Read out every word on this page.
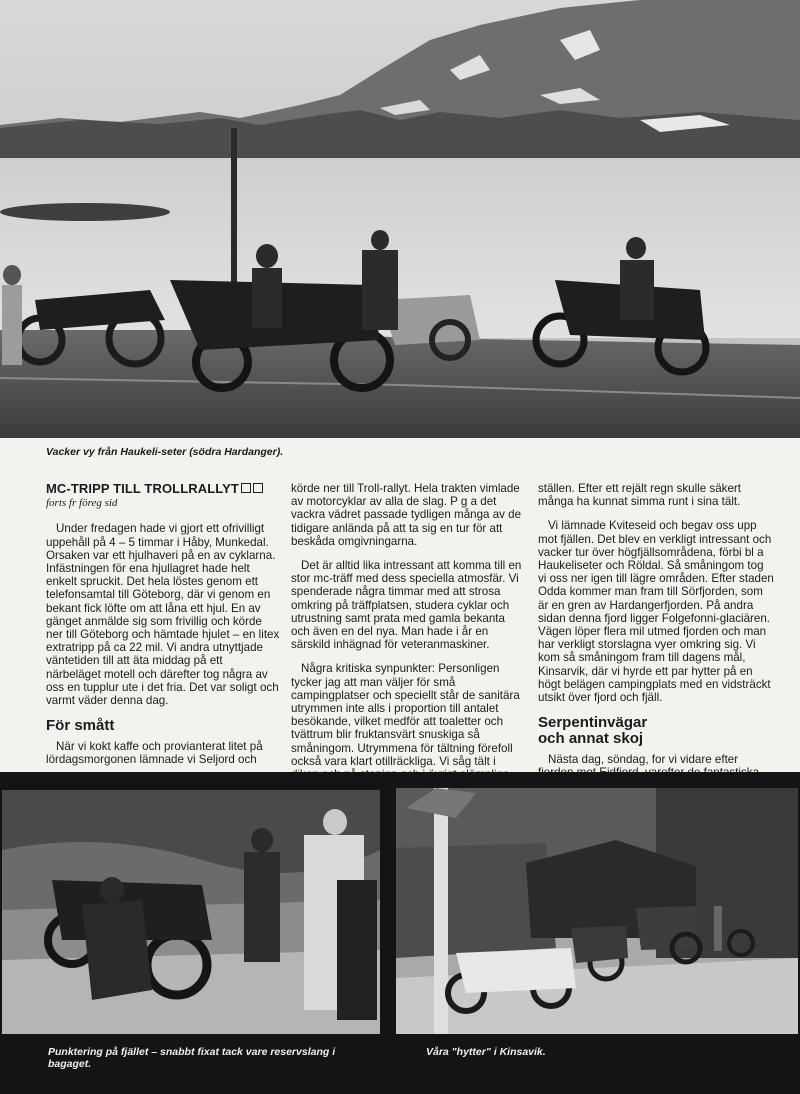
Vacker vy från Haukeli-seter (södra Hardanger).
MC-TRIPP TILL TROLLRALLYT
forts fr föreg sid

Under fredagen hade vi gjort ett ofrivilligt uppehåll på 4 – 5 timmar i Håby, Munkedal. Orsaken var ett hjulhaveri på en av cyklarna. Infästningen för ena hjullagret hade helt enkelt spruckit. Det hela löstes genom ett telefonsamtal till Göteborg, där vi genom en bekant fick löfte om att låna ett hjul. En av gänget anmälde sig som frivillig och körde ner till Göteborg och hämtade hjulet – en litex extratripp på ca 22 mil. Vi andra utnyttjade väntetiden till att äta middag på ett närbeläget motell och därefter tog några av oss en tupplur ute i det fria. Det var soligt och varmt väder denna dag.

För smått

När vi kokt kaffe och provianterat litet på lördagsmorgonen lämnade vi Seljord och

körde ner till Troll-rallyt. Hela trakten vimlade av motorcyklar av alla de slag. P g a det vackra vädret passade tydligen många av de tidigare anlända på att ta sig en tur för att beskåda omgivningarna.

Det är alltid lika intressant att komma till en stor mc-träff med dess speciella atmosfär. Vi spenderade några timmar med att strosa omkring på träffplatsen, studera cyklar och utrustning samt prata med gamla bekanta och även en del nya. Man hade i år en särskild inhägnad för veteranmaskiner.

Några kritiska synpunkter: Personligen tycker jag att man väljer för små campingplatser och speciellt står de sanitära utrymmen inte alls i proportion till antalet besökande, vilket medför att toaletter och tvättrum blir fruktansvärt snuskiga så småningom. Utrymmena för tältning förefoll också vara klart otillräckliga. Vi såg tält i

ställen. Efter ett rejält regn skulle säkert många ha kunnat simma runt i sina tält.

Vi lämnade Kviteseid och begav oss upp mot fjällen. Det blev en verkligt intressant och vacker tur över högfjällsområdena, förbi bl a Haukeliseter och Röldal. Så småningom tog vi oss ner igen till lägre områden. Efter staden Odda kommer man fram till Sörfjorden, som är en gren av Hardangerfjorden. På andra sidan denna fjord ligger Folgefonni-glaciären. Vägen löper flera mil utmed fjorden och man har verkligt storslagna vyer omkring sig. Vi kom så småningom fram till dagens mål, Kinsarvik, där vi hyrde ett par hytter på en högt belägen campingplats med en vidsträckt utsikt över fjord och fjäll.

Serpentinvägar
och annat skoj

Nästa dag, söndag, for vi vidare efter

Punktering på fjället – snabbt fixat tack vare reservslang i bagaget.
Våra "hytter" i Kinsavik.
